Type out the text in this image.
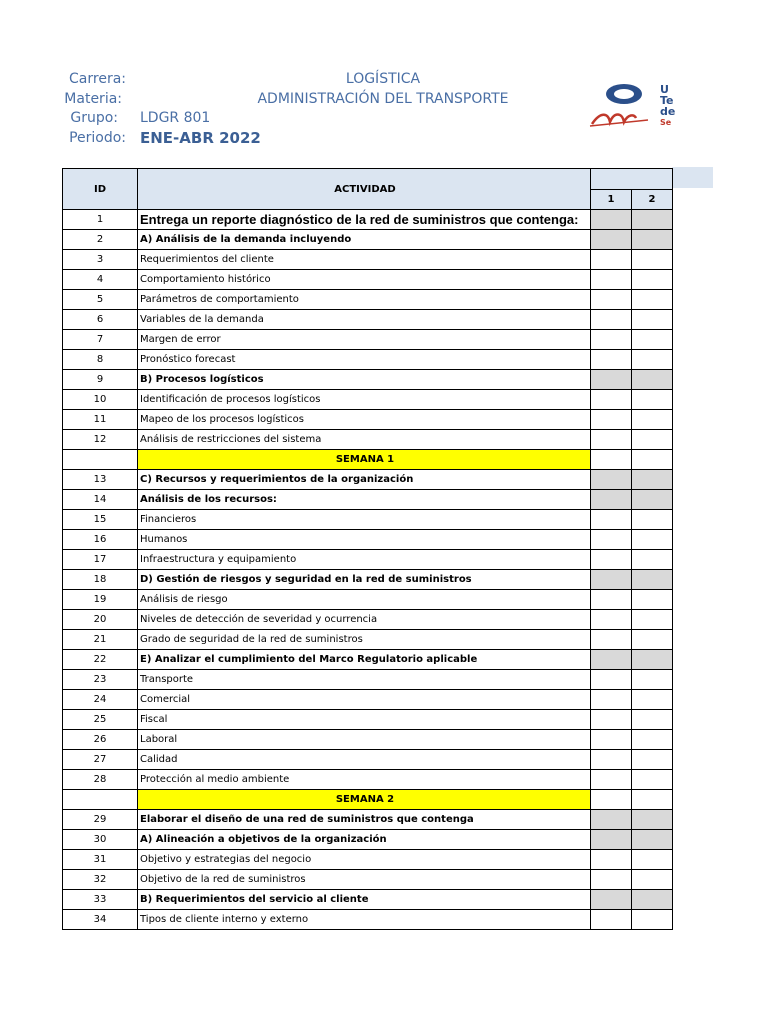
Carrera:	LOGÍSTICA
Materia:	ADMINISTRACIÓN DEL TRANSPORTE
Grupo: LDGR 801
Periodo: ENE-ABR 2022
U
Te
de
Se
ID	ACTIVIDAD		
		1	2
1	Entrega un reporte diagnóstico de la red de suministros que contenga:		
2	A) Análisis de la demanda incluyendo		
3	Requerimientos del cliente		
4	Comportamiento histórico		
5	Parámetros de comportamiento		
6	Variables de la demanda		
7	Margen de error		
8	Pronóstico forecast		
9	B) Procesos logísticos		
10	Identificación de procesos logísticos		
11	Mapeo de los procesos logísticos		
12	Análisis de restricciones del sistema		
	SEMANA 1		
13	C) Recursos y requerimientos de la organización		
14	Análisis de los recursos:		
15	Financieros		
16	Humanos		
17	Infraestructura y equipamiento		
18	D) Gestión de riesgos y seguridad en la red de suministros		
19	Análisis de riesgo		
20	Niveles de detección de severidad y ocurrencia		
21	Grado de seguridad de la red de suministros		
22	E) Analizar el cumplimiento del Marco Regulatorio aplicable		
23	Transporte		
24	Comercial		
25	Fiscal		
26	Laboral		
27	Calidad		
28	Protección al medio ambiente		
	SEMANA 2		
29	Elaborar el diseño de una red de suministros que contenga		
30	A) Alineación a objetivos de la organización		
31	Objetivo y estrategias del negocio		
32	Objetivo de la red de suministros		
33	B) Requerimientos del servicio al cliente		
34	Tipos de cliente interno y externo		
